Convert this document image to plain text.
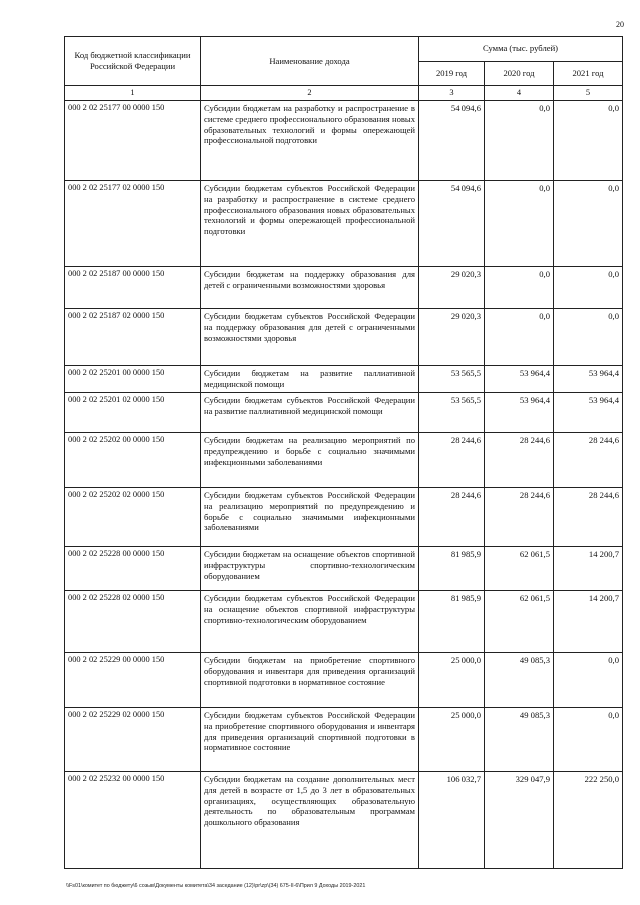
20
Код бюджетной классификации Российской Федерации	Наименование дохода	Сумма (тыс. рублей)		
		2019 год	2020 год	2021 год
1	2	3	4	5
000 2 02 25177 00 0000 150	Субсидии бюджетам на разработку и распространение в системе среднего профессионального образования новых образовательных технологий и формы опережающей профессиональной подготовки	54 094,6	0,0	0,0
000 2 02 25177 02 0000 150	Субсидии бюджетам субъектов Российской Федерации на разработку и распространение в системе среднего профессионального образования новых образовательных технологий и формы опережающей профессиональной подготовки	54 094,6	0,0	0,0
000 2 02 25187 00 0000 150	Субсидии бюджетам на поддержку образования для детей с ограниченными возможностями здоровья	29 020,3	0,0	0,0
000 2 02 25187 02 0000 150	Субсидии бюджетам субъектов Российской Федерации на поддержку образования для детей с ограниченными возможностями здоровья	29 020,3	0,0	0,0
000 2 02 25201 00 0000 150	Субсидии бюджетам на развитие паллиативной медицинской помощи	53 565,5	53 964,4	53 964,4
000 2 02 25201 02 0000 150	Субсидии бюджетам субъектов Российской Федерации на развитие паллиативной медицинской помощи	53 565,5	53 964,4	53 964,4
000 2 02 25202 00 0000 150	Субсидии бюджетам на реализацию мероприятий по предупреждению и борьбе с социально значимыми инфекционными заболеваниями	28 244,6	28 244,6	28 244,6
000 2 02 25202 02 0000 150	Субсидии бюджетам субъектов Российской Федерации на реализацию мероприятий по предупреждению и борьбе с социально значимыми инфекционными заболеваниями	28 244,6	28 244,6	28 244,6
000 2 02 25228 00 0000 150	Субсидии бюджетам на оснащение объектов спортивной инфраструктуры спортивно-технологическим оборудованием	81 985,9	62 061,5	14 200,7
000 2 02 25228 02 0000 150	Субсидии бюджетам субъектов Российской Федерации на оснащение объектов спортивной инфраструктуры спортивно-технологическим оборудованием	81 985,9	62 061,5	14 200,7
000 2 02 25229 00 0000 150	Субсидии бюджетам на приобретение спортивного оборудования и инвентаря для приведения организаций спортивной подготовки в нормативное состояние	25 000,0	49 085,3	0,0
000 2 02 25229 02 0000 150	Субсидии бюджетам субъектов Российской Федерации на приобретение спортивного оборудования и инвентаря для приведения организаций спортивной подготовки в нормативное состояние	25 000,0	49 085,3	0,0
000 2 02 25232 00 0000 150	Субсидии бюджетам на создание дополнительных мест для детей в возрасте от 1,5 до 3 лет в образовательных организациях, осуществляющих образовательную деятельность по образовательным программам дошкольного образования	106 032,7	329 047,9	222 250,0
\\Fs01\комитет по бюджету\6 созыв\Документы комитета\34 заседание (12)\pr\zp\(34) 675-II-6\Прил 9 Доходы 2019-2021
